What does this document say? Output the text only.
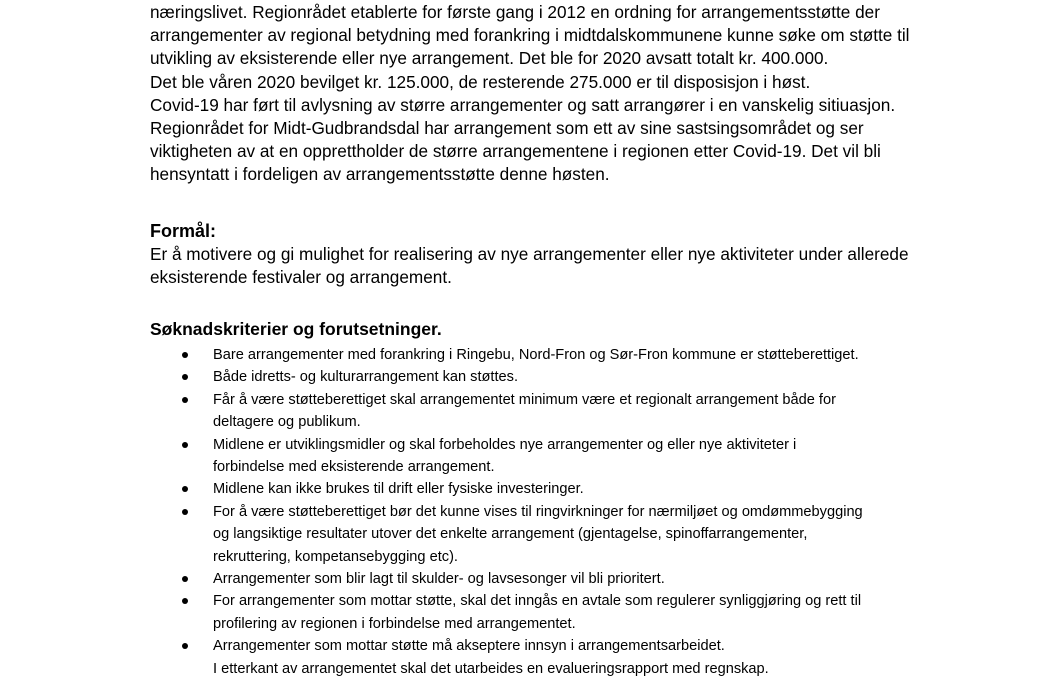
næringslivet. Regionrådet etablerte for første gang i 2012 en ordning for arrangementsstøtte der

arrangementer av regional betydning med forankring i midtdalskommunene kunne søke om støtte til

utvikling av eksisterende eller nye arrangement. Det ble for 2020 avsatt totalt kr. 400.000.

Det ble våren 2020 bevilget kr. 125.000, de resterende 275.000 er til disposisjon i høst.

Covid-19 har ført til avlysning av større arrangementer og satt arrangører i en vanskelig sitiuasjon.

Regionrådet for Midt-Gudbrandsdal har arrangement som ett av sine sastsingsområdet og ser

viktigheten av at en opprettholder de større arrangementene i regionen etter Covid-19. Det vil bli

hensyntatt i fordeligen av arrangementsstøtte denne høsten.

Formål:

Er å motivere og gi mulighet for realisering av nye arrangementer eller nye aktiviteter under allerede

eksisterende festivaler og arrangement.

Søknadskriterier og forutsetninger.
Bare arrangementer med forankring i Ringebu, Nord-Fron og Sør-Fron kommune er støtteberettiget.
Både idretts- og kulturarrangement kan støttes.
Får å være støtteberettiget skal arrangementet minimum være et regionalt arrangement både for
deltagere og publikum.
Midlene er utviklingsmidler og skal forbeholdes nye arrangementer og eller nye aktiviteter i
forbindelse med eksisterende arrangement.
Midlene kan ikke brukes til drift eller fysiske investeringer.
For å være støtteberettiget bør det kunne vises til ringvirkninger for nærmiljøet og omdømmebygging
og langsiktige resultater utover det enkelte arrangement (gjentagelse, spinoffarrangementer,
rekruttering, kompetansebygging etc).
Arrangementer som blir lagt til skulder- og lavsesonger vil bli prioritert.
For arrangementer som mottar støtte, skal det inngås en avtale som regulerer synliggjøring og rett til
profilering av regionen i forbindelse med arrangementet.
Arrangementer som mottar støtte må akseptere innsyn i arrangementsarbeidet.
I etterkant av arrangementet skal det utarbeides en evalueringsrapport med regnskap.
